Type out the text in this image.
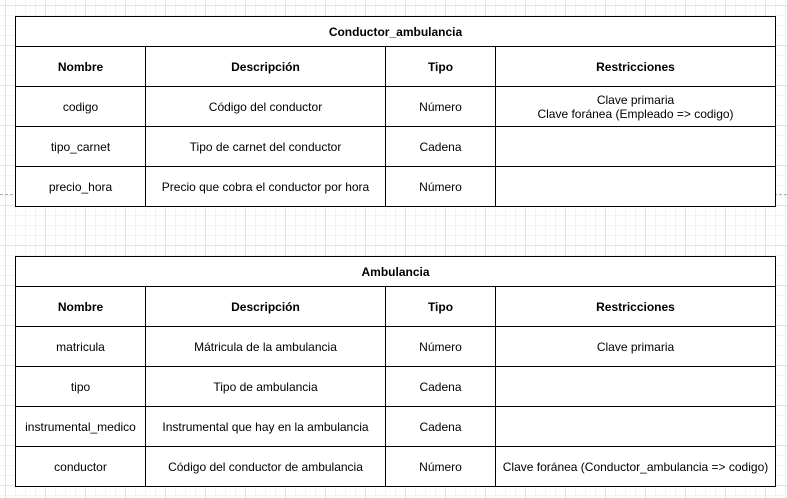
Conductor_ambulancia			
Nombre	Descripción	Tipo	Restricciones
codigo	Código del conductor	Número	Clave primaria
Clave foránea (Empleado => codigo)

tipo_carnet	Tipo de carnet del conductor	Cadena	
precio_hora	Precio que cobra el conductor por hora	Número	
Ambulancia			
Nombre	Descripción	Tipo	Restricciones
matricula	Mátricula de la ambulancia	Número	Clave primaria

tipo	Tipo de ambulancia	Cadena	
instrumental_medico	Instrumental que hay en la ambulancia	Cadena	
conductor	Código del conductor de ambulancia	Número	Clave foránea (Conductor_ambulancia => codigo)
